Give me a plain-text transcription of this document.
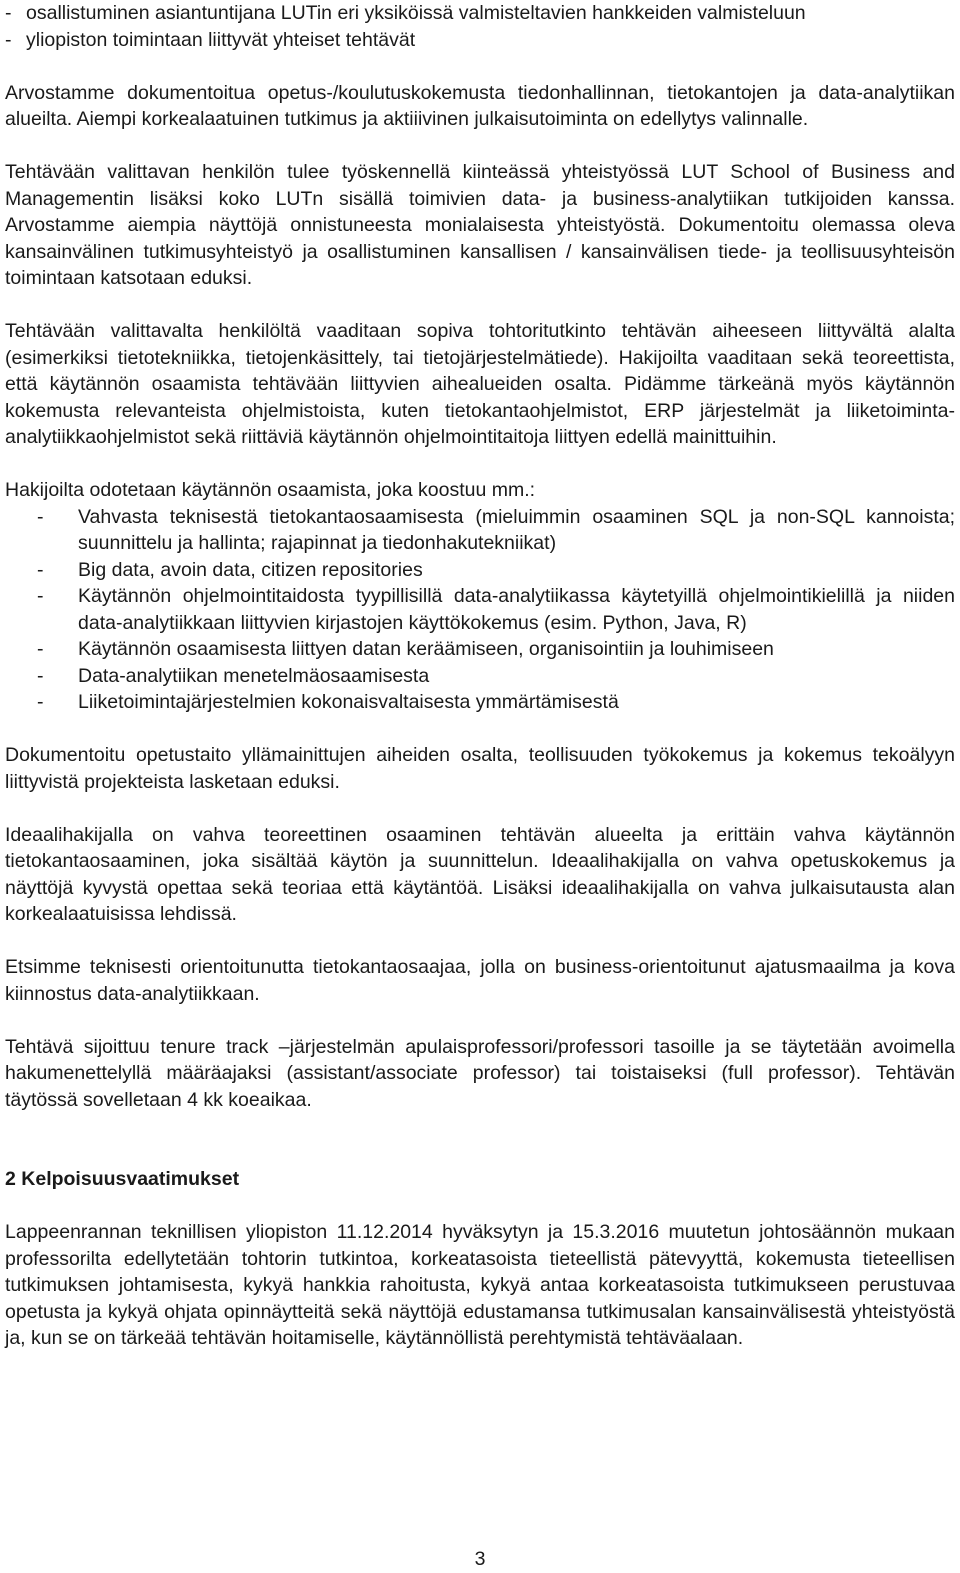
- osallistuminen asiantuntijana LUTin eri yksiköissä valmisteltavien hankkeiden valmisteluun
- yliopiston toimintaan liittyvät yhteiset tehtävät

Arvostamme dokumentoitua opetus-/koulutuskokemusta tiedonhallinnan, tietokantojen ja data-analytiikan alueilta. Aiempi korkealaatuinen tutkimus ja aktiiivinen julkaisutoiminta on edellytys valinnalle.

Tehtävään valittavan henkilön tulee työskennellä kiinteässä yhteistyössä LUT School of Business and Managementin lisäksi koko LUTn sisällä toimivien data- ja business-analytiikan tutkijoiden kanssa. Arvostamme aiempia näyttöjä onnistuneesta monialaisesta yhteistyöstä. Dokumentoitu olemassa oleva kansainvälinen tutkimusyhteistyö ja osallistuminen kansallisen / kansainvälisen tiede- ja teollisuusyhteisön toimintaan katsotaan eduksi.

Tehtävään valittavalta henkilöltä vaaditaan sopiva tohtoritutkinto tehtävän aiheeseen liittyvältä alalta (esimerkiksi tietotekniikka, tietojenkäsittely, tai tietojärjestelmätiede). Hakijoilta vaaditaan sekä teoreettista, että käytännön osaamista tehtävään liittyvien aihealueiden osalta. Pidämme tärkeänä myös käytännön kokemusta relevanteista ohjelmistoista, kuten tietokantaohjelmistot, ERP järjestelmät ja liiketoiminta-analytiikkaohjelmistot sekä riittäviä käytännön ohjelmointitaitoja liittyen edellä mainittuihin.

Hakijoilta odotetaan käytännön osaamista, joka koostuu mm.:

- Vahvasta teknisestä tietokantaosaamisesta (mieluimmin osaaminen SQL ja non-SQL kannoista; suunnittelu ja hallinta; rajapinnat ja tiedonhakutekniikat)
- Big data, avoin data, citizen repositories
- Käytännön ohjelmointitaidosta tyypillisillä data-analytiikassa käytetyillä ohjelmointikielillä ja niiden data-analytiikkaan liittyvien kirjastojen käyttökokemus (esim. Python, Java, R)
- Käytännön osaamisesta liittyen datan keräämiseen, organisointiin ja louhimiseen
- Data-analytiikan menetelmäosaamisesta
- Liiketoimintajärjestelmien kokonaisvaltaisesta ymmärtämisestä

Dokumentoitu opetustaito yllämainittujen aiheiden osalta, teollisuuden työkokemus ja kokemus tekoälyyn liittyvistä projekteista lasketaan eduksi.

Ideaalihakijalla on vahva teoreettinen osaaminen tehtävän alueelta ja erittäin vahva käytännön tietokantaosaaminen, joka sisältää käytön ja suunnittelun. Ideaalihakijalla on vahva opetuskokemus ja näyttöjä kyvystä opettaa sekä teoriaa että käytäntöä. Lisäksi ideaalihakijalla on vahva julkaisutausta alan korkealaatuisissa lehdissä.

Etsimme teknisesti orientoitunutta tietokantaosaajaa, jolla on business-orientoitunut ajatusmaailma ja kova kiinnostus data-analytiikkaan.

Tehtävä sijoittuu tenure track –järjestelmän apulaisprofessori/professori tasoille ja se täytetään avoimella hakumenettelyllä määräajaksi (assistant/associate professor) tai toistaiseksi (full professor). Tehtävän täytössä sovelletaan 4 kk koeaikaa.

2 Kelpoisuusvaatimukset

Lappeenrannan teknillisen yliopiston 11.12.2014 hyväksytyn ja 15.3.2016 muutetun johtosäännön mukaan professorilta edellytetään tohtorin tutkintoa, korkeatasoista tieteellistä pätevyyttä, kokemusta tieteellisen tutkimuksen johtamisesta, kykyä hankkia rahoitusta, kykyä antaa korkeatasoista tutkimukseen perustuvaa opetusta ja kykyä ohjata opinnäytteitä sekä näyttöjä edustamansa tutkimusalan kansainvälisestä yhteistyöstä ja, kun se on tärkeää tehtävän hoitamiselle, käytännöllistä perehtymistä tehtäväalaan.

3
